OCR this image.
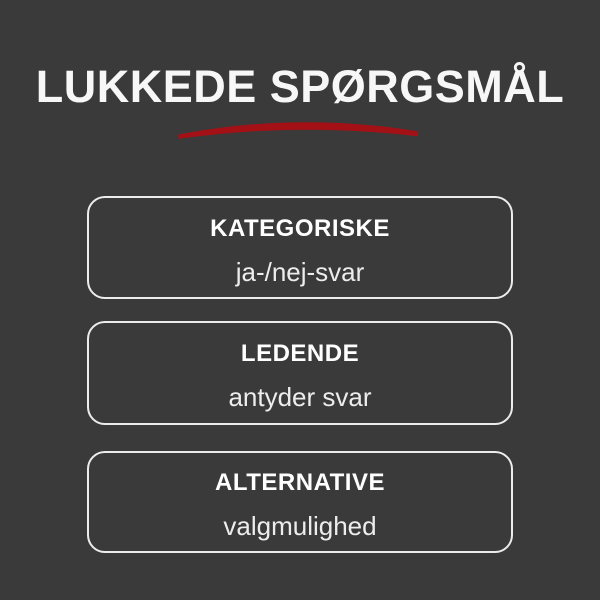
LUKKEDE SPØRGSMÅL
KATEGORISKE
ja-/nej-svar
LEDENDE
antyder svar
ALTERNATIVE
valgmulighed
